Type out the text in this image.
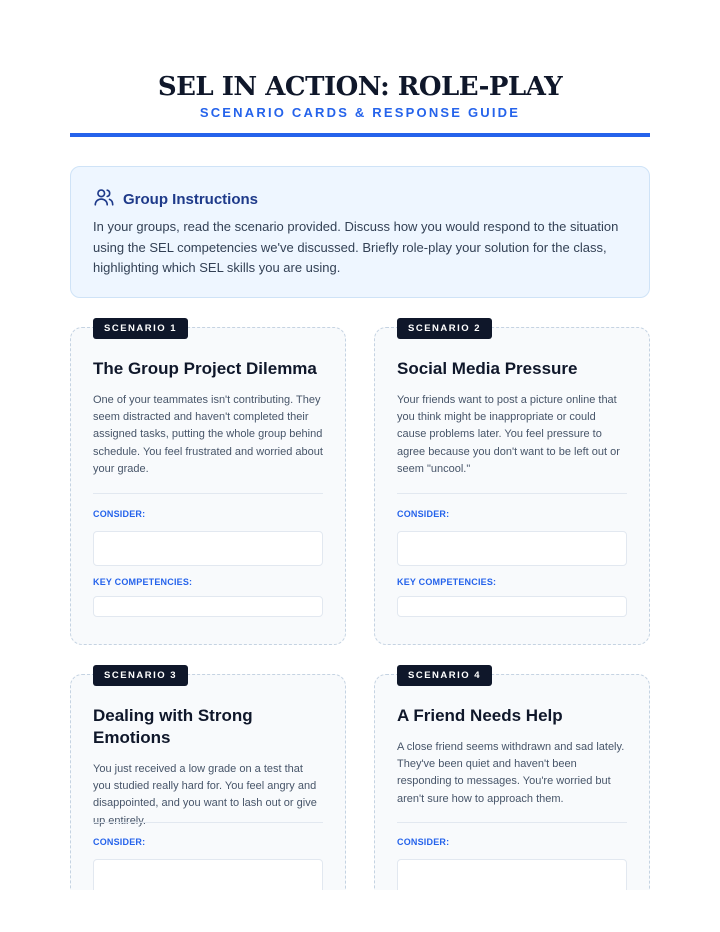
SEL IN ACTION: ROLE-PLAY
SCENARIO CARDS & RESPONSE GUIDE
Group Instructions
In your groups, read the scenario provided. Discuss how you would respond to the situation using the SEL competencies we've discussed. Briefly role-play your solution for the class, highlighting which SEL skills you are using.
SCENARIO 1
The Group Project Dilemma
One of your teammates isn't contributing. They seem distracted and haven't completed their assigned tasks, putting the whole group behind schedule. You feel frustrated and worried about your grade.
CONSIDER:
KEY COMPETENCIES:
SCENARIO 2
Social Media Pressure
Your friends want to post a picture online that you think might be inappropriate or could cause problems later. You feel pressure to agree because you don't want to be left out or seem "uncool."
CONSIDER:
KEY COMPETENCIES:
SCENARIO 3
Dealing with Strong Emotions
You just received a low grade on a test that you studied really hard for. You feel angry and disappointed, and you want to lash out or give up entirely.
CONSIDER:
SCENARIO 4
A Friend Needs Help
A close friend seems withdrawn and sad lately. They've been quiet and haven't been responding to messages. You're worried but aren't sure how to approach them.
CONSIDER:
